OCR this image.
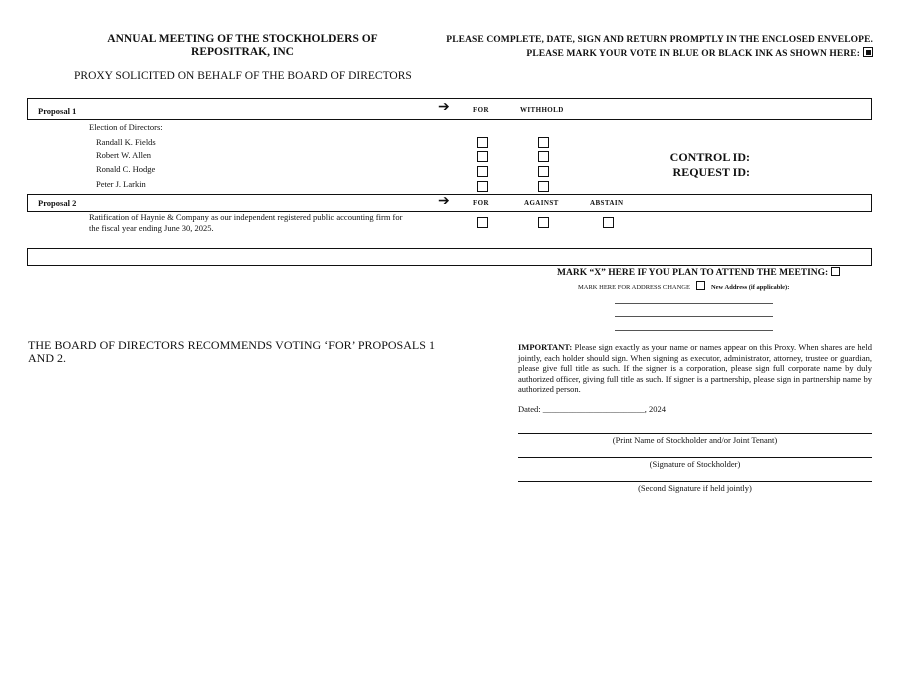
ANNUAL MEETING OF THE STOCKHOLDERS OF
REPOSITRAK, INC
PLEASE COMPLETE, DATE, SIGN AND RETURN PROMPTLY IN THE ENCLOSED ENVELOPE.
PLEASE MARK YOUR VOTE IN BLUE OR BLACK INK AS SHOWN HERE:
PROXY SOLICITED ON BEHALF OF THE BOARD OF DIRECTORS
Proposal 1	➔	FOR	WITHHOLD
Election of Directors:
Randall K. Fields
Robert W. Allen
Ronald C. Hodge
Peter J. Larkin
CONTROL ID:
REQUEST ID:
Proposal 2	➔	FOR	AGAINST	ABSTAIN
Ratification of Haynie & Company as our independent registered public accounting firm for
the fiscal year ending June 30, 2025.
MARK “X” HERE IF YOU PLAN TO ATTEND THE MEETING:
MARK HERE FOR ADDRESS CHANGE	New Address (if applicable):
THE BOARD OF DIRECTORS RECOMMENDS VOTING ‘FOR’ PROPOSALS 1 AND 2.
IMPORTANT: Please sign exactly as your name or names appear on this Proxy. When shares are held jointly, each holder should sign. When signing as executor, administrator, attorney, trustee or guardian, please give full title as such. If the signer is a corporation, please sign full corporate name by duly authorized officer, giving full title as such. If signer is a partnership, please sign in partnership name by authorized person.
Dated: ________________________, 2024
(Print Name of Stockholder and/or Joint Tenant)
(Signature of Stockholder)
(Second Signature if held jointly)
